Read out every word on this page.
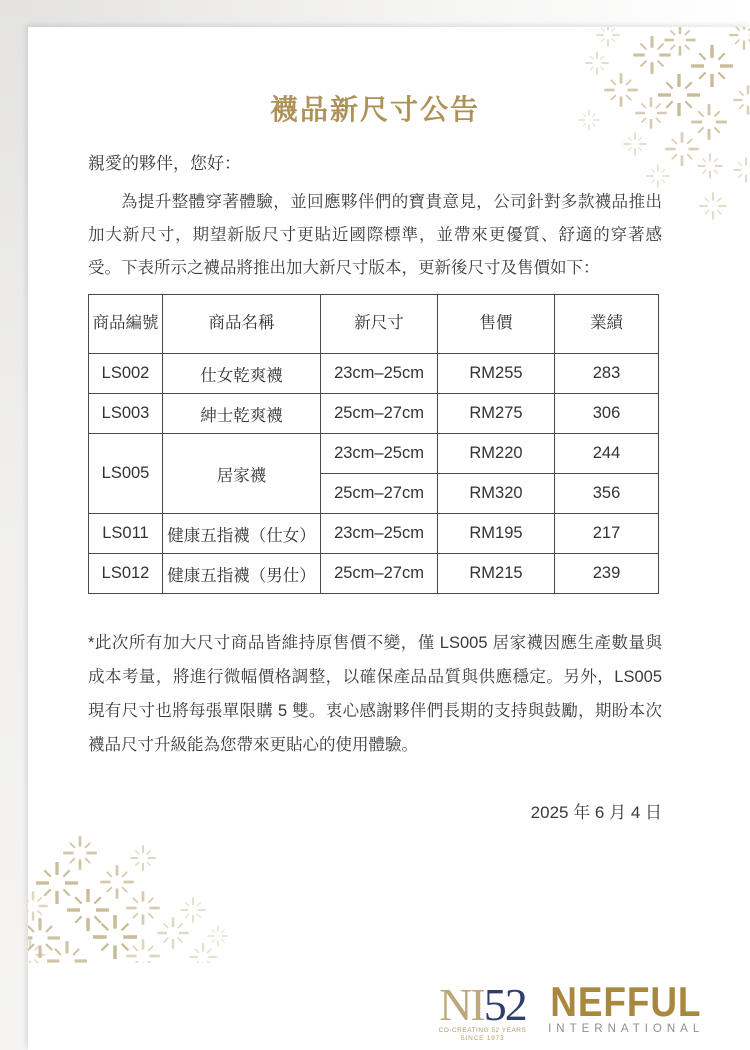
襪品新尺寸公告
親愛的夥伴，您好：
為提升整體穿著體驗，並回應夥伴們的寶貴意見，公司針對多款襪品推出加大新尺寸，期望新版尺寸更貼近國際標準，並帶來更優質、舒適的穿著感受。下表所示之襪品將推出加大新尺寸版本，更新後尺寸及售價如下：
商品編號	商品名稱	新尺寸	售價	業績
LS002	仕女乾爽襪	23cm–25cm	RM255	283
LS003	紳士乾爽襪	25cm–27cm	RM275	306
LS005	居家襪	23cm–25cm	RM220	244
		25cm–27cm	RM320	356
LS011	健康五指襪（仕女）	23cm–25cm	RM195	217
LS012	健康五指襪（男仕）	25cm–27cm	RM215	239
*此次所有加大尺寸商品皆維持原售價不變，僅 LS005 居家襪因應生產數量與成本考量，將進行微幅價格調整，以確保產品品質與供應穩定。另外，LS005 現有尺寸也將每張單限購 5 雙。衷心感謝夥伴們長期的支持與鼓勵，期盼本次襪品尺寸升級能為您帶來更貼心的使用體驗。
2025 年 6 月 4 日
NI52
CO-CREATING 52 YEARS
SINCE 1973
NEFFUL
INTERNATIONAL
